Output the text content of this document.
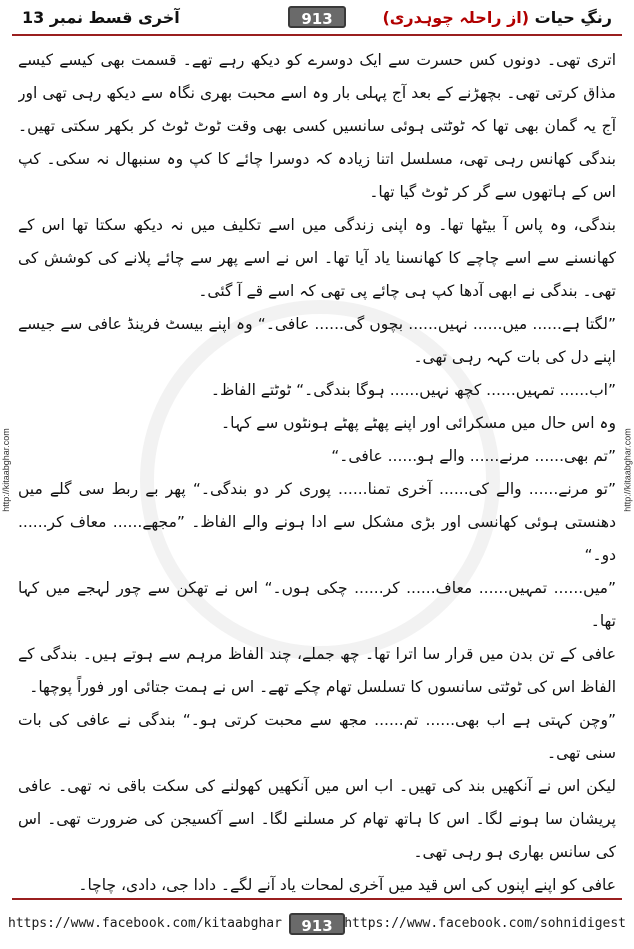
آخری قسط نمبر 13	913	رنگِ حیات (از راحلہ چوہدری)
http://kitaabghar.com	http://kitaabghar.com

اتری تھی۔ دونوں کس حسرت سے ایک دوسرے کو دیکھ رہے تھے۔ قسمت بھی کیسے کیسے مذاق کرتی تھی۔ بچھڑنے کے بعد آج پہلی بار وہ اسے محبت بھری نگاہ سے دیکھ رہی تھی اور آج یہ گمان بھی تھا کہ ٹوٹتی ہوئی سانسیں کسی بھی وقت ٹوٹ ٹوٹ کر بکھر سکتی تھیں۔ بندگی کھانس رہی تھی، مسلسل اتنا زیادہ کہ دوسرا چائے کا کپ وہ سنبھال نہ سکی۔ کپ اس کے ہاتھوں سے گر کر ٹوٹ گیا تھا۔

بندگی، وہ پاس آ بیٹھا تھا۔ وہ اپنی زندگی میں اسے تکلیف میں نہ دیکھ سکتا تھا اس کے کھانسنے سے اسے چاچے کا کھانسنا یاد آیا تھا۔ اس نے اسے پھر سے چائے پلانے کی کوشش کی تھی۔ بندگی نے ابھی آدھا کپ ہی چائے پی تھی کہ اسے قے آ گئی۔

”لگتا ہے...... میں...... نہیں...... بچوں گی...... عافی۔“ وہ اپنے بیسٹ فرینڈ عافی سے جیسے اپنے دل کی بات کہہ رہی تھی۔

”اب...... تمہیں...... کچھ نہیں...... ہوگا بندگی۔“ ٹوٹتے الفاظ۔

وہ اس حال میں مسکرائی اور اپنے پھٹے پھٹے ہونٹوں سے کہا۔

”تم بھی...... مرنے...... والے ہو...... عافی۔“

”تو مرنے...... والے کی...... آخری تمنا...... پوری کر دو بندگی۔“ پھر بے ربط سی گلے میں دھنستی ہوئی کھانسی اور بڑی مشکل سے ادا ہونے والے الفاظ۔ ”مجھے...... معاف کر...... دو۔“

”میں...... تمہیں...... معاف...... کر...... چکی ہوں۔“ اس نے تھکن سے چور لہجے میں کہا تھا۔

عافی کے تن بدن میں قرار سا اترا تھا۔ چھ جملے، چند الفاظ مرہم سے ہوتے ہیں۔ بندگی کے الفاظ اس کی ٹوٹتی سانسوں کا تسلسل تھام چکے تھے۔ اس نے ہمت جتائی اور فوراً پوچھا۔

”وچن کہتی ہے اب بھی...... تم...... مجھ سے محبت کرتی ہو۔“ بندگی نے عافی کی بات سنی تھی۔

لیکن اس نے آنکھیں بند کی تھیں۔ اب اس میں آنکھیں کھولنے کی سکت باقی نہ تھی۔ عافی پریشان سا ہونے لگا۔ اس کا ہاتھ تھام کر مسلنے لگا۔ اسے آکسیجن کی ضرورت تھی۔ اس کی سانس بھاری ہو رہی تھی۔

عافی کو اپنے اپنوں کی اس قید میں آخری لمحات یاد آنے لگے۔ دادا جی، دادی، چاچا۔

https://www.facebook.com/kitaabghar	913 https://www.facebook.com/sohnidigest
